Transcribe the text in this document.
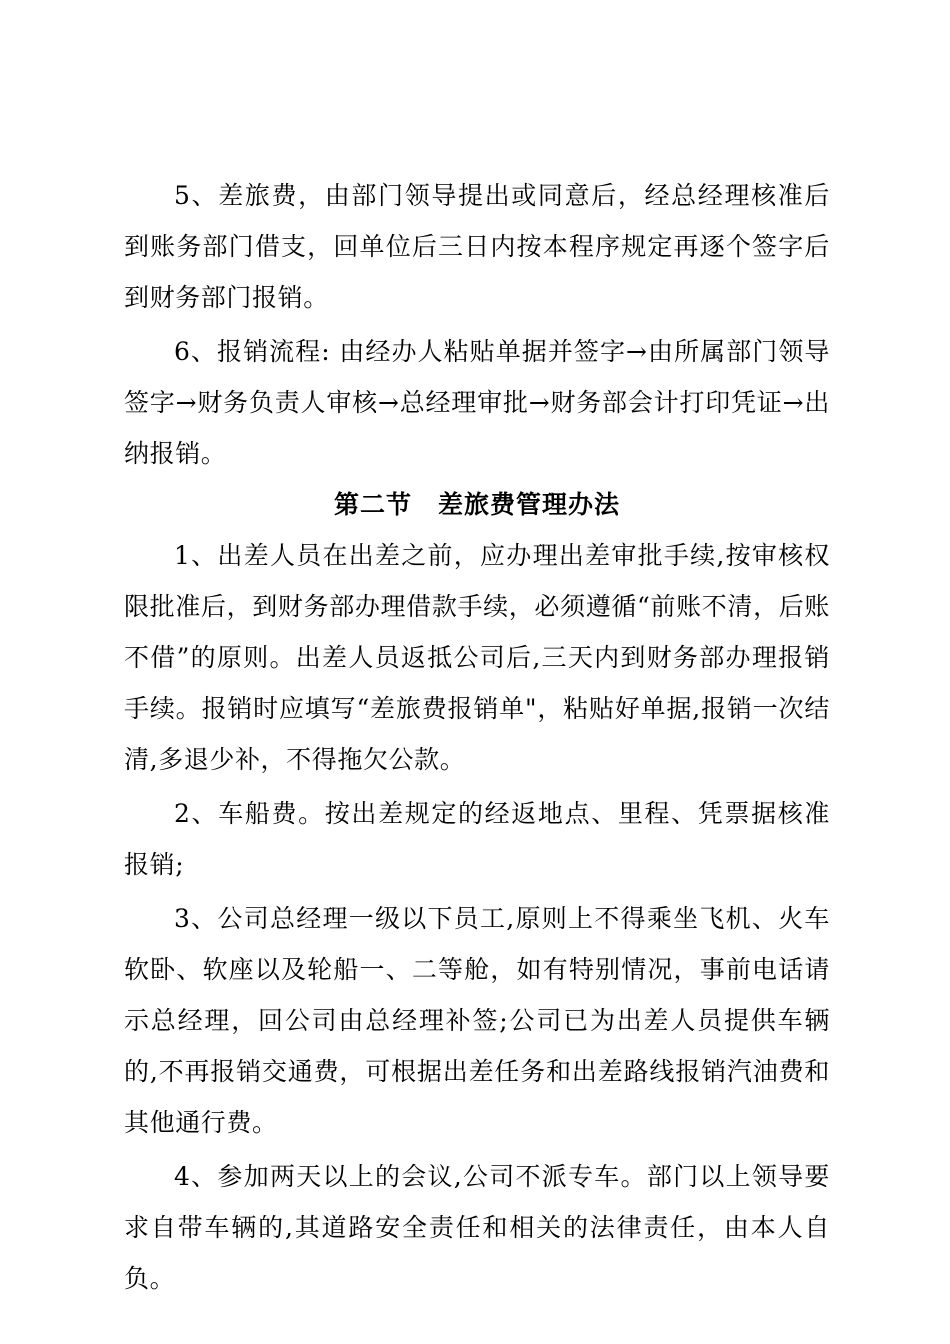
5、差旅费，由部门领导提出或同意后，经总经理核准后到账务部门借支，回单位后三日内按本程序规定再逐个签字后到财务部门报销。

6、报销流程: 由经办人粘贴单据并签字→由所属部门领导签字→财务负责人审核→总经理审批→财务部会计打印凭证→出纳报销。

第二节　差旅费管理办法

1、出差人员在出差之前，应办理出差审批手续,按审核权限批准后，到财务部办理借款手续，必须遵循“前账不清，后账不借”的原则。出差人员返抵公司后,三天内到财务部办理报销手续。报销时应填写“差旅费报销单"，粘贴好单据,报销一次结清,多退少补，不得拖欠公款。

2、车船费。按出差规定的经返地点、里程、凭票据核准报销;

3、公司总经理一级以下员工,原则上不得乘坐飞机、火车软卧、软座以及轮船一、二等舱，如有特别情况，事前电话请示总经理，回公司由总经理补签;公司已为出差人员提供车辆的,不再报销交通费，可根据出差任务和出差路线报销汽油费和其他通行费。

4、参加两天以上的会议,公司不派专车。部门以上领导要求自带车辆的,其道路安全责任和相关的法律责任，由本人自负。
